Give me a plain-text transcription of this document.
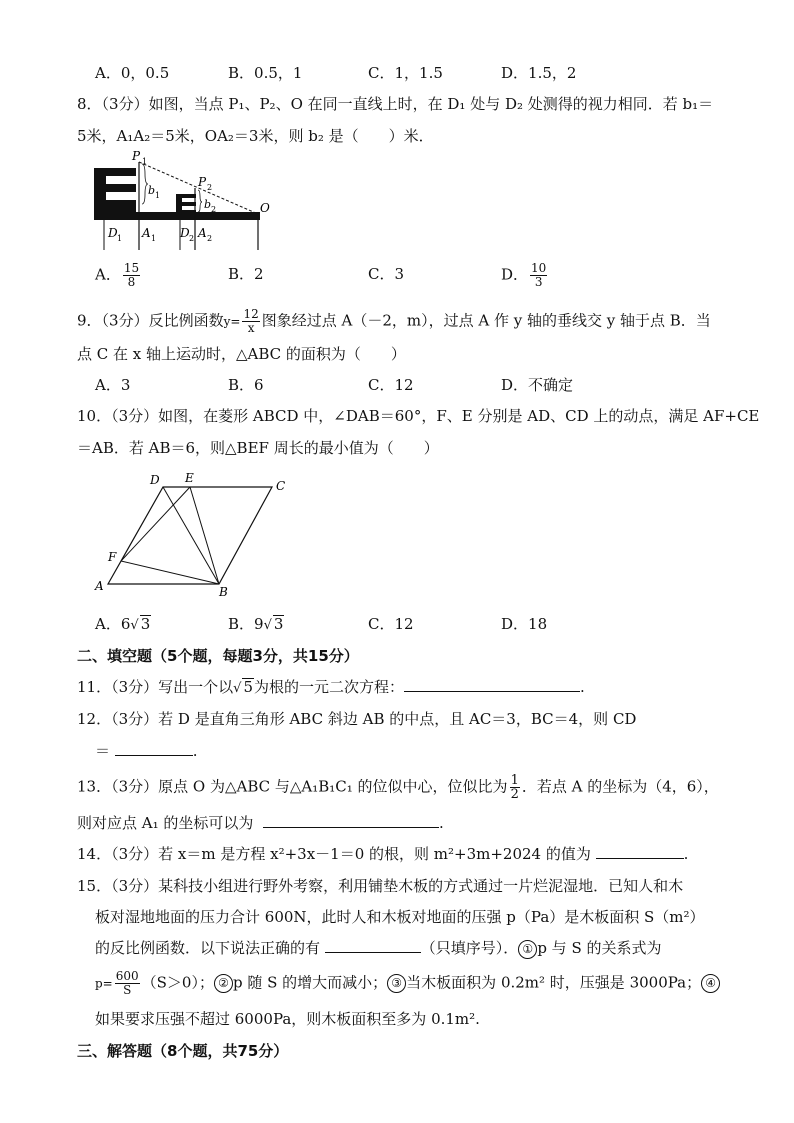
A．0，0.5	B．0.5，1	C．1，1.5	D．1.5，2
8．（3分）如图，当点 P₁、P₂、O 在同一直线上时，在 D₁ 处与 D₂ 处测得的视力相同．若 b₁＝
5米，A₁A₂＝5米，OA₂＝3米，则 b₂ 是（　　）米．
P 1
P 2
b 1
b 2	O
D 1 A 1 D 2 A 2
A． $\frac{15}{8}$	B．2	C．3	D． $\frac{10}{3}$
9．（3分）反比例函数$y= \frac{12}{x}$ 图象经过点 A（－2，m），过点 A 作 y 轴的垂线交 y 轴于点 B．当
点 C 在 x 轴上运动时，△ABC 的面积为（　　）
A．3	B．6	C．12	D．不确定
10．（3分）如图，在菱形 ABCD 中，∠DAB＝60°，F、E 分别是 AD、CD 上的动点，满足 AF+CE
＝AB．若 AB＝6，则△BEF 周长的最小值为（　　）
D E
C
F
A	B
A．6√ 3	B．9√ 3	C．12	D．18
二、填空题（5个题，每题3分，共15分）
11．（3分）写出一个以√ 5为根的一元二次方程：	.
12．（3分）若 D 是直角三角形 ABC 斜边 AB 的中点，且 AC＝3，BC＝4，则 CD
＝	.
13．（3分）原点 O 为△ABC 与△A₁B₁C₁ 的位似中心，位似比为 $\frac{1}{2}$ ．若点 A 的坐标为（4，6），
则对应点 A₁ 的坐标可以为	.
14．（3分）若 x＝m 是方程 x²+3x－1＝0 的根，则 m²+3m+2024 的值为	.
15．（3分）某科技小组进行野外考察，利用铺垫木板的方式通过一片烂泥湿地．已知人和木
板对湿地地面的压力合计 600N，此时人和木板对地面的压强 p（Pa）是木板面积 S（m²）
的反比例函数．以下说法正确的有	（只填序号）． ① p 与 S 的关系式为
$p= \frac{600}{S} (S>0)$； ② p 随 S 的增大而减小； ③ 当木板面积为 0.2m² 时，压强是 3000Pa； ④
如果要求压强不超过 6000Pa，则木板面积至多为 0.1m².
三、解答题（8个题，共75分）
